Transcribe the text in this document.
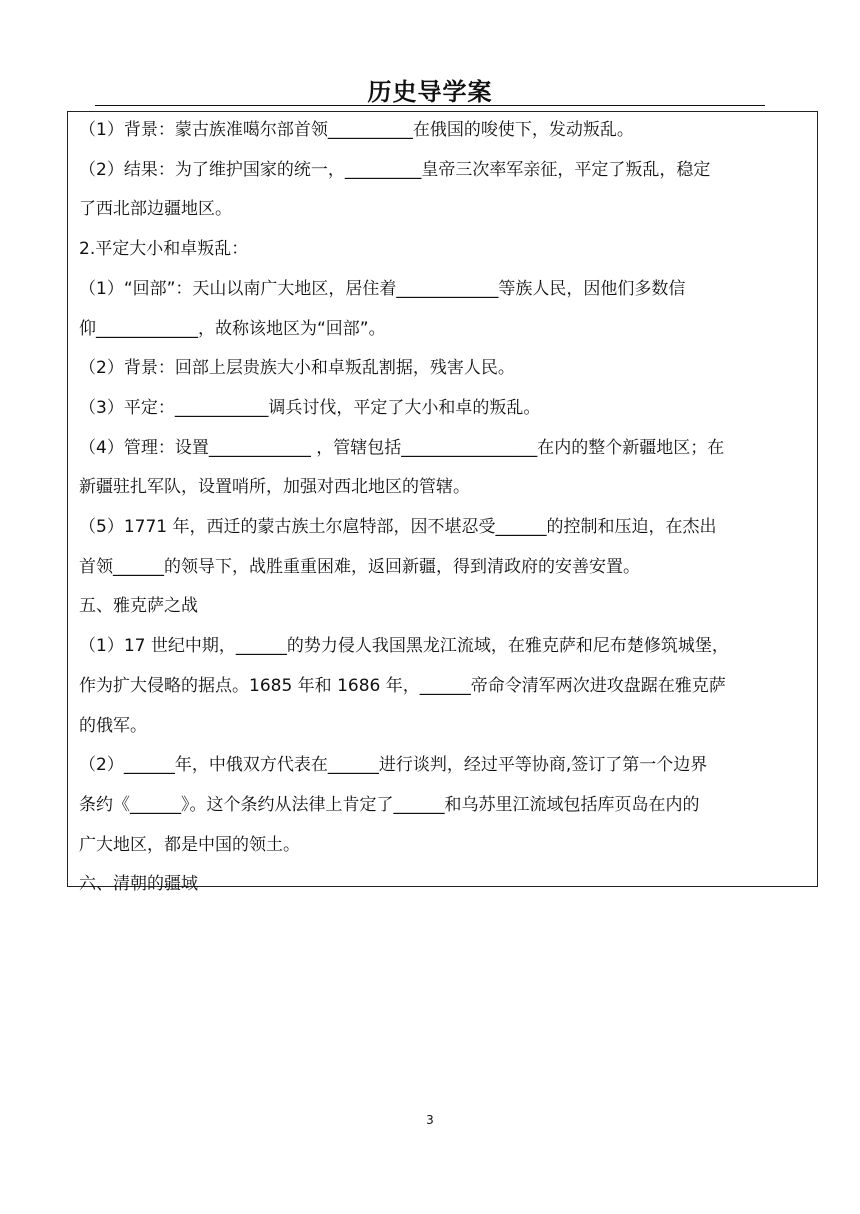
历史导学案
（1）背景：蒙古族准噶尔部首领__________在俄国的唆使下，发动叛乱。
（2）结果：为了维护国家的统一，_________皇帝三次率军亲征，平定了叛乱，稳定
了西北部边疆地区。
2.平定大小和卓叛乱：
（1）“回部”：天山以南广大地区，居住着____________等族人民，因他们多数信
仰____________，故称该地区为“回部”。
（2）背景：回部上层贵族大小和卓叛乱割据，残害人民。
（3）平定：___________调兵讨伐，平定了大小和卓的叛乱。
（4）管理：设置____________ ，管辖包括________________在内的整个新疆地区；在
新疆驻扎军队，设置哨所，加强对西北地区的管辖。
（5）1771 年，西迁的蒙古族土尔扈特部，因不堪忍受______的控制和压迫，在杰出
首领______的领导下，战胜重重困难，返回新疆，得到清政府的安善安置。
五、雅克萨之战
（1）17 世纪中期，______的势力侵人我国黑龙江流域，在雅克萨和尼布楚修筑城堡，
作为扩大侵略的据点。1685 年和 1686 年，______帝命令清军两次进攻盘踞在雅克萨
的俄军。
（2）______年，中俄双方代表在______进行谈判，经过平等协商,签订了第一个边界
条约《______》。这个条约从法律上肯定了______和乌苏里江流域包括库页岛在内的
广大地区，都是中国的领土。
六、清朝的疆域
3
